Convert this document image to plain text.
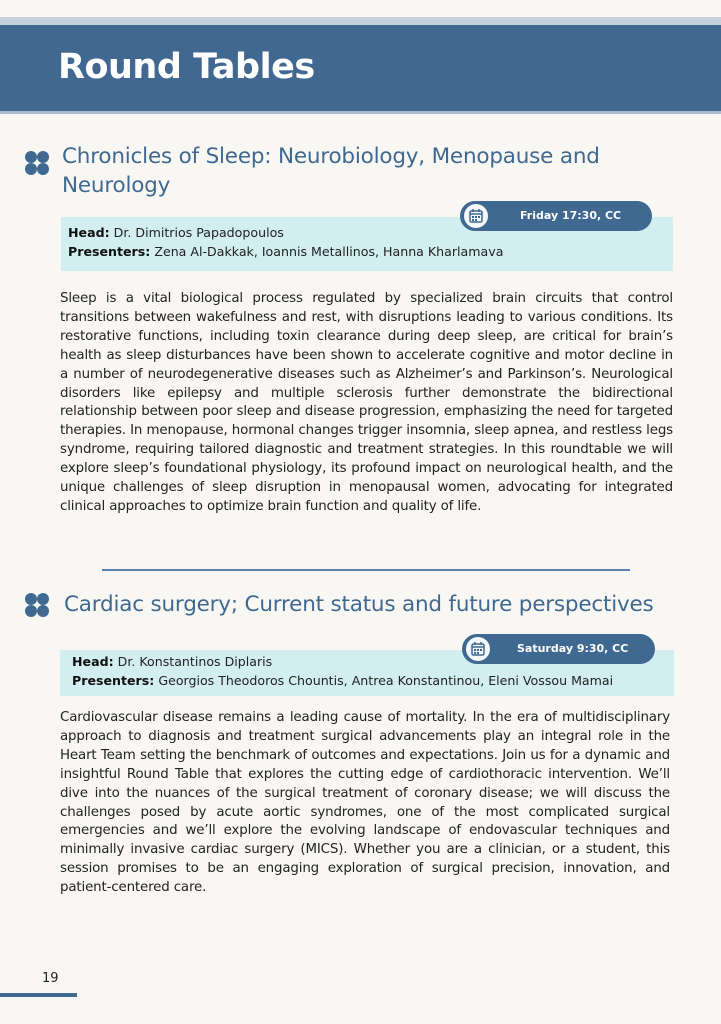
Round Tables
Chronicles of Sleep: Neurobiology, Menopause and
Neurology
Head: Dr. Dimitrios Papadopoulos
Presenters: Zena Al-Dakkak, Ioannis Metallinos, Hanna Kharlamava
Friday 17:30, CC
Sleep is a vital biological process regulated by specialized brain circuits that control transitions between wakefulness and rest, with disruptions leading to various conditions. Its restorative functions, including toxin clearance during deep sleep, are critical for brain’s health as sleep disturbances have been shown to accelerate cognitive and motor decline in a number of neurodegenerative diseases such as Alzheimer’s and Parkinson’s. Neurological disorders like epilepsy and multiple sclerosis further demonstrate the bidirectional relationship between poor sleep and disease progression, emphasizing the need for targeted therapies. In menopause, hormonal changes trigger insomnia, sleep apnea, and restless legs syndrome, requiring tailored diagnostic and treatment strategies. In this roundtable we will explore sleep’s foundational physiology, its profound impact on neurological health, and the unique challenges of sleep disruption in menopausal women, advocating for integrated clinical approaches to optimize brain function and quality of life.
Cardiac surgery; Current status and future perspectives
Head: Dr. Konstantinos Diplaris
Presenters: Georgios Theodoros Chountis, Antrea Konstantinou, Eleni Vossou Mamai
Saturday 9:30, CC
Cardiovascular disease remains a leading cause of mortality. In the era of multidisciplinary approach to diagnosis and treatment surgical advancements play an integral role in the Heart Team setting the benchmark of outcomes and expectations. Join us for a dynamic and insightful Round Table that explores the cutting edge of cardiothoracic intervention. We’ll dive into the nuances of the surgical treatment of coronary disease; we will discuss the challenges posed by acute aortic syndromes, one of the most complicated surgical emergencies and we’ll explore the evolving landscape of endovascular techniques and minimally invasive cardiac surgery (MICS). Whether you are a clinician, or a student, this session promises to be an engaging exploration of surgical precision, innovation, and patient-centered care.
19
